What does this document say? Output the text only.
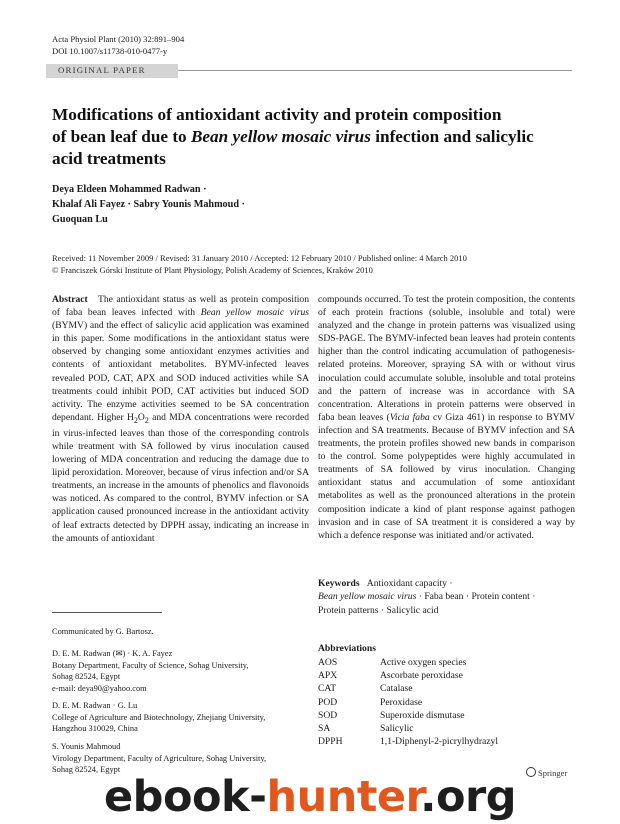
Acta Physiol Plant (2010) 32:891–904
DOI 10.1007/s11738-010-0477-y
ORIGINAL PAPER
Modifications of antioxidant activity and protein composition
of bean leaf due to Bean yellow mosaic virus infection and salicylic
acid treatments
Deya Eldeen Mohammed Radwan ·
Khalaf Ali Fayez · Sabry Younis Mahmoud ·
Guoquan Lu
Received: 11 November 2009 / Revised: 31 January 2010 / Accepted: 12 February 2010 / Published online: 4 March 2010
© Franciszek Górski Institute of Plant Physiology, Polish Academy of Sciences, Kraków 2010
Abstract The antioxidant status as well as protein composition of faba bean leaves infected with Bean yellow mosaic virus (BYMV) and the effect of salicylic acid application was examined in this paper. Some modifications in the antioxidant status were observed by changing some antioxidant enzymes activities and contents of antioxidant metabolites. BYMV-infected leaves revealed POD, CAT, APX and SOD induced activities while SA treatments could inhibit POD, CAT activities but induced SOD activity. The enzyme activities seemed to be SA concentration dependant. Higher $H_2O_2$ and MDA concentrations were recorded in virus-infected leaves than those of the corresponding controls while treatment with SA followed by virus inoculation caused lowering of MDA concentration and reducing the damage due to lipid peroxidation. Moreover, because of virus infection and/or SA treatments, an increase in the amounts of phenolics and flavonoids was noticed. As compared to the control, BYMV infection or SA application caused pronounced increase in the antioxidant activity of leaf extracts detected by DPPH assay, indicating an increase in the amounts of antioxidant
compounds occurred. To test the protein composition, the contents of each protein fractions (soluble, insoluble and total) were analyzed and the change in protein patterns was visualized using SDS-PAGE. The BYMV-infected bean leaves had protein contents higher than the control indicating accumulation of pathogenesis-related proteins. Moreover, spraying SA with or without virus inoculation could accumulate soluble, insoluble and total proteins and the pattern of increase was in accordance with SA concentration. Alterations in protein patterns were observed in faba bean leaves (Vicia faba cv Giza 461) in response to BYMV infection and SA treatments. Because of BYMV infection and SA treatments, the protein profiles showed new bands in comparison to the control. Some polypeptides were highly accumulated in treatments of SA followed by virus inoculation. Changing antioxidant status and accumulation of some antioxidant metabolites as well as the pronounced alterations in the protein composition indicate a kind of plant response against pathogen invasion and in case of SA treatment it is considered a way by which a defence response was initiated and/or activated.
Keywords Antioxidant capacity ·
Bean yellow mosaic virus · Faba bean · Protein content ·
Protein patterns · Salicylic acid
Communicated by G. Bartosz.
D. E. M. Radwan (✉) · K. A. Fayez
Botany Department, Faculty of Science, Sohag University,
Sohag 82524, Egypt
e-mail: deya90@yahoo.com
D. E. M. Radwan · G. Lu
College of Agriculture and Biotechnology, Zhejiang University,
Hangzhou 310029, China
S. Younis Mahmoud
Virology Department, Faculty of Agriculture, Sohag University,
Sohag 82524, Egypt
Abbreviations
AOS	Active oxygen species
APX	Ascorbate peroxidase
CAT	Catalase
POD	Peroxidase
SOD	Superoxide dismutase
SA	Salicylic
DPPH	1,1-Diphenyl-2-picrylhydrazyl
Springer
ebook-hunter.org
